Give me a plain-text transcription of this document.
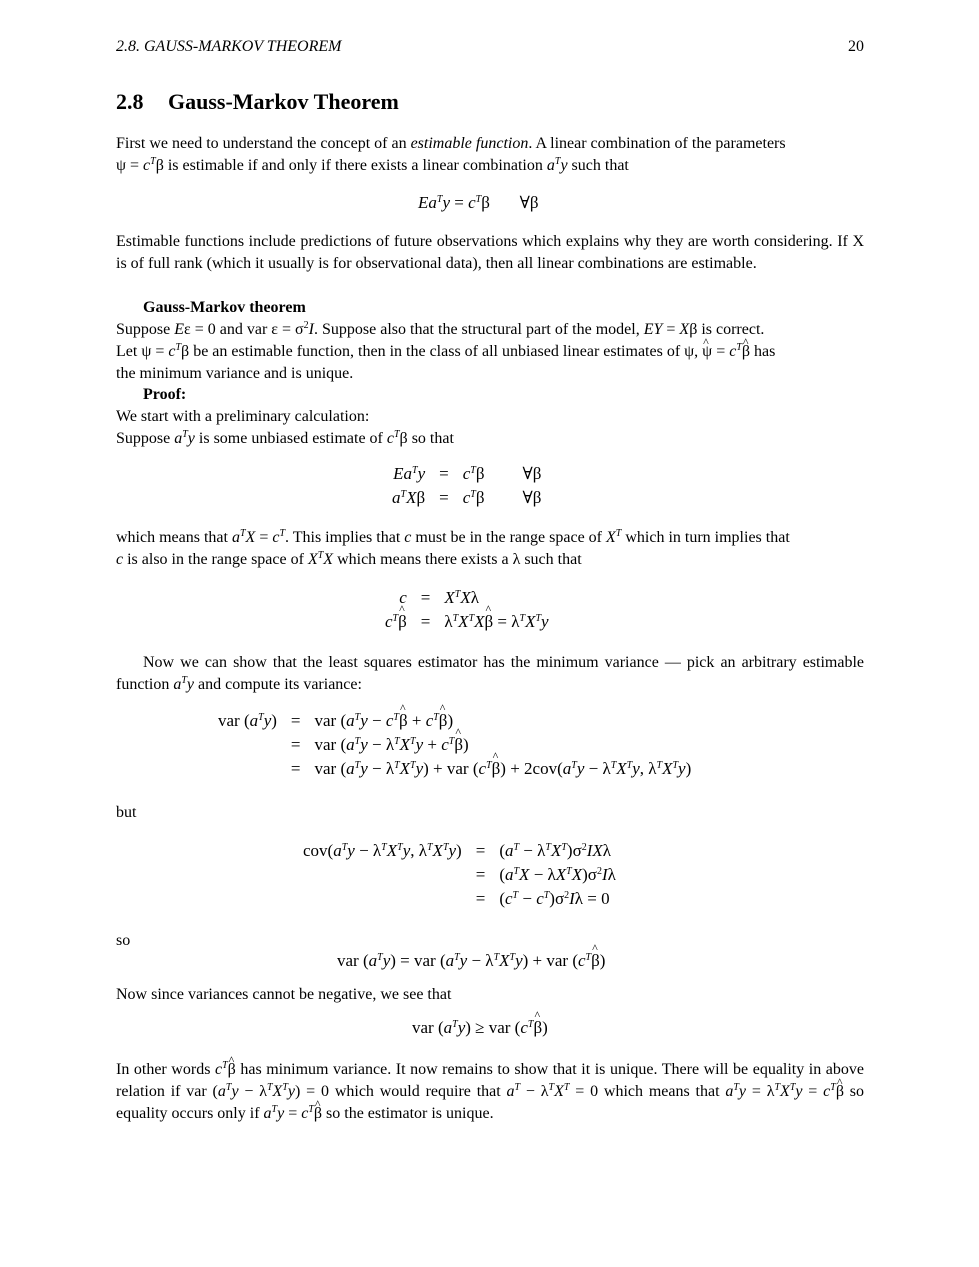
2.8. GAUSS-MARKOV THEOREM	20
2.8 Gauss-Markov Theorem
First we need to understand the concept of an estimable function. A linear combination of the parameters
$\psi = c^T\beta$ is estimable if and only if there exists a linear combination $a^Ty$ such that
$Ea^Ty = c^T\beta$       ∀β
Estimable functions include predictions of future observations which explains why they are worth considering. If X is of full rank (which it usually is for observational data), then all linear combinations are estimable.
Gauss-Markov theorem
Suppose Eε = 0 and var $\varepsilon = \sigma^2I$. Suppose also that the structural part of the model, EY = Xβ is correct.
Let $\psi = c^T\beta$ be an estimable function, then in the class of all unbiased linear estimates of ψ, ^ $\psi = c^T\^{}$ β has
the minimum variance and is unique.
Proof:
We start with a preliminary calculation:
Suppose $a^Ty$ is some unbiased estimate of $c^T\beta$ so that
$Ea^Ty$	=	$c^T\beta$	∀β
$a^TX\beta$	=	$c^T\beta$	∀β
which means that $a^TX = c^T$. This implies that c must be in the range space of $X^T$ which in turn implies that
c is also in the range space of $X^TX$ which means there exists a λ such that
c	=	$X^TX\lambda$
$c^T\^{}$ β	=	$\lambda^TX^TX\^{}$ $\beta = \lambda^TX^Ty$
Now we can show that the least squares estimator has the minimum variance — pick an arbitrary estimable function $a^Ty$ and compute its variance:
var $(a^Ty)$	=	var ($a^Ty$ − $c^T\^{}$ $\beta + c^T\^{}$ β)
	=	var ($a^Ty - \lambda^TX^Ty$ + $c^T\^{}$ β)
	=	var $(a^Ty - \lambda^TX^Ty)$ + var ($c^T\^{}$ $\beta) + 2cov(a^Ty - \lambda^TX^Ty$, $\lambda^TX^Ty$)
but
$cov(a^Ty - \lambda^TX^Ty$, $\lambda^TX^Ty$)	=	$(a^T - \lambda^TX^T)\sigma^2IX\lambda$
	=	$(a^TX - \lambda X^TX)\sigma^2I\lambda$
	=	$(c^T - c^T)\sigma^2I\lambda = 0$
so
var $(a^Ty)$ = var $(a^Ty - \lambda^TX^Ty)$ + var ($c^T\^{}$ β)
Now since variances cannot be negative, we see that
var $(a^Ty)$ ≥ var ($c^T\^{}$ β)
In other words $c^T\^{}$ β has minimum variance. It now remains to show that it is unique. There will be equality in above relation if var $(a^Ty - \lambda^TX^Ty) = 0$ which would require that $a^T - \lambda^TX^T = 0$ which means that $a^Ty = \lambda^TX^Ty$ = $c^T\^{}$ β so equality occurs only if $a^Ty$ = $c^T\^{}$ β so the estimator is unique.
